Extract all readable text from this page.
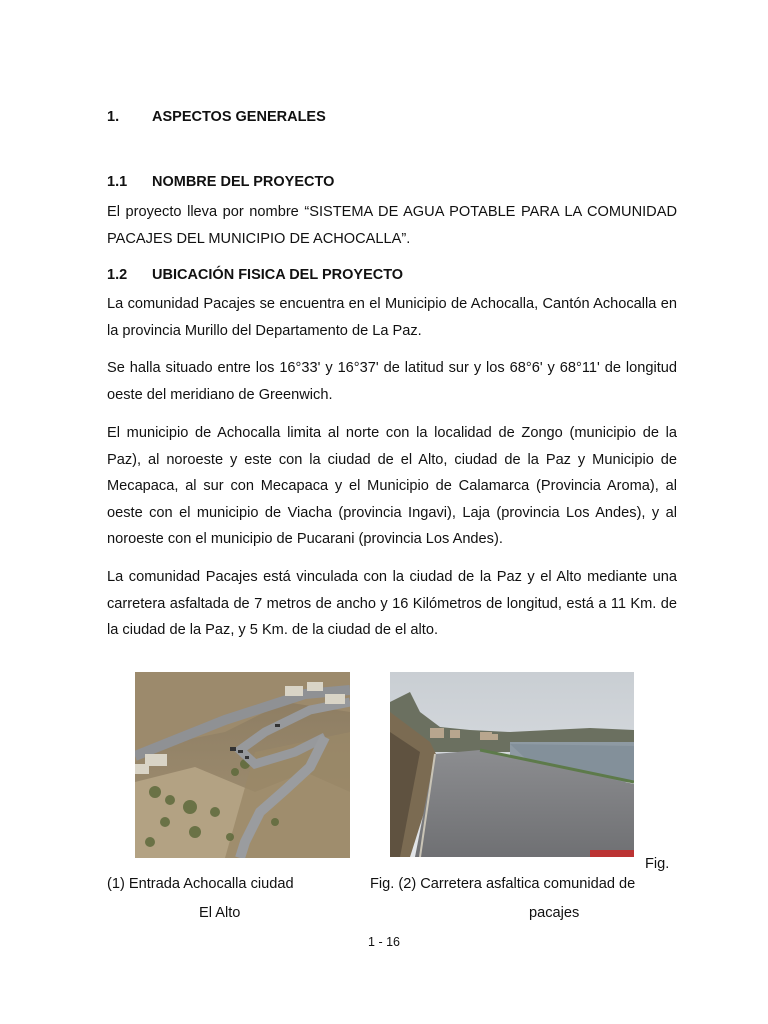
1. ASPECTOS GENERALES
1.1 NOMBRE DEL PROYECTO

El proyecto lleva por nombre “SISTEMA DE AGUA POTABLE PARA LA COMUNIDAD PACAJES DEL MUNICIPIO DE ACHOCALLA”.

1.2 UBICACIÓN FISICA DEL PROYECTO

La comunidad Pacajes se encuentra en el Municipio de Achocalla, Cantón Achocalla en la provincia Murillo del Departamento de La Paz.

Se halla situado entre los 16°33' y 16°37' de latitud sur y los 68°6' y 68°11' de longitud oeste del meridiano de Greenwich.

El municipio de Achocalla limita al norte con la localidad de Zongo (municipio de la Paz), al noroeste y este con la ciudad de el Alto, ciudad de la Paz y Municipio de Mecapaca, al sur con Mecapaca y el Municipio de Calamarca (Provincia Aroma), al oeste con el municipio de Viacha (provincia Ingavi), Laja (provincia Los Andes), y al noroeste con el municipio de Pucarani (provincia Los Andes).

La comunidad Pacajes está vinculada con la ciudad de la Paz y el Alto mediante una carretera asfaltada de 7 metros de ancho y 16 Kilómetros de longitud, está a 11 Km. de la ciudad de la Paz, y 5 Km. de la ciudad de el alto.

Fig.
(1) Entrada Achocalla ciudad
El Alto
Fig. (2) Carretera asfaltica comunidad de
pacajes
1 - 16
